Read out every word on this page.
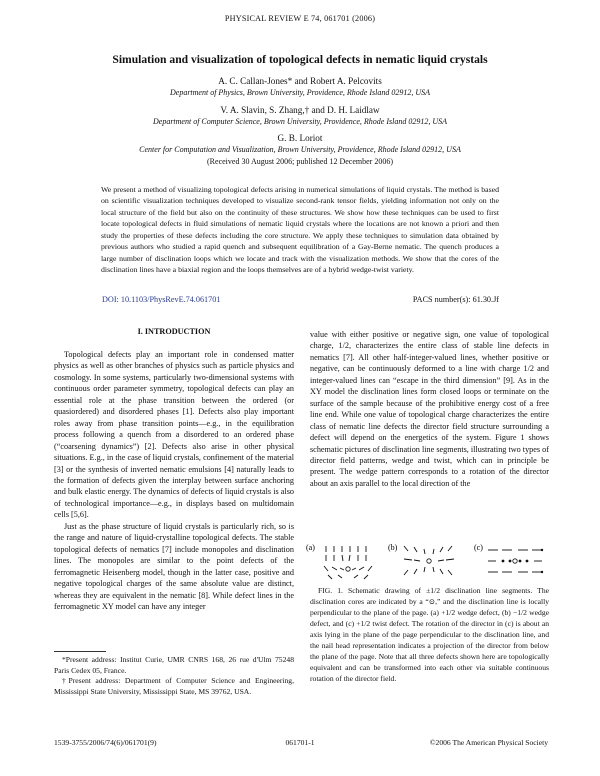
PHYSICAL REVIEW E 74, 061701 (2006)
Simulation and visualization of topological defects in nematic liquid crystals
A. C. Callan-Jones* and Robert A. Pelcovits
Department of Physics, Brown University, Providence, Rhode Island 02912, USA
V. A. Slavin, S. Zhang,† and D. H. Laidlaw
Department of Computer Science, Brown University, Providence, Rhode Island 02912, USA
G. B. Loriot
Center for Computation and Visualization, Brown University, Providence, Rhode Island 02912, USA
(Received 30 August 2006; published 12 December 2006)
We present a method of visualizing topological defects arising in numerical simulations of liquid crystals. The method is based on scientific visualization techniques developed to visualize second-rank tensor fields, yielding information not only on the local structure of the field but also on the continuity of these structures. We show how these techniques can be used to first locate topological defects in fluid simulations of nematic liquid crystals where the locations are not known a priori and then study the properties of these defects including the core structure. We apply these techniques to simulation data obtained by previous authors who studied a rapid quench and subsequent equilibration of a Gay-Berne nematic. The quench produces a large number of disclination loops which we locate and track with the visualization methods. We show that the cores of the disclination lines have a biaxial region and the loops themselves are of a hybrid wedge-twist variety.
DOI: 10.1103/PhysRevE.74.061701	PACS number(s): 61.30.Jf
I. INTRODUCTION

Topological defects play an important role in condensed matter physics as well as other branches of physics such as particle physics and cosmology. In some systems, particularly two-dimensional systems with continuous order parameter symmetry, topological defects can play an essential role at the phase transition between the ordered (or quasiordered) and disordered phases [1]. Defects also play important roles away from phase transition points—e.g., in the equilibration process following a quench from a disordered to an ordered phase (“coarsening dynamics”) [2]. Defects also arise in other physical situations. E.g., in the case of liquid crystals, confinement of the material [3] or the synthesis of inverted nematic emulsions [4] naturally leads to the formation of defects given the interplay between surface anchoring and bulk elastic energy. The dynamics of defects of liquid crystals is also of technological importance—e.g., in displays based on multidomain cells [5,6].

Just as the phase structure of liquid crystals is particularly rich, so is the range and nature of liquid-crystalline topological defects. The stable topological defects of nematics [7] include monopoles and disclination lines. The monopoles are similar to the point defects of the ferromagnetic Heisenberg model, though in the latter case, positive and negative topological charges of the same absolute value are distinct, whereas they are equivalent in the nematic [8]. While defect lines in the ferromagnetic XY model can have any integer

*Present address: Institut Curie, UMR CNRS 168, 26 rue d'Ulm 75248 Paris Cedex 05, France.

†Present address: Department of Computer Science and Engineering, Mississippi State University, Mississippi State, MS 39762, USA.

value with either positive or negative sign, one value of topological charge, 1/2, characterizes the entire class of stable line defects in nematics [7]. All other half-integer-valued lines, whether positive or negative, can be continuously deformed to a line with charge 1/2 and integer-valued lines can “escape in the third dimension” [9]. As in the XY model the disclination lines form closed loops or terminate on the surface of the sample because of the prohibitive energy cost of a free line end. While one value of topological charge characterizes the entire class of nematic line defects the director field structure surrounding a defect will depend on the energetics of the system. Figure 1 shows schematic pictures of disclination line segments, illustrating two types of director field patterns, wedge and twist, which can in principle be present. The wedge pattern corresponds to a rotation of the director about an axis parallel to the local direction of the

(a)	(b)	(c)

FIG. 1. Schematic drawing of ±1/2 disclination line segments. The disclination cores are indicated by a “⊙,” and the disclination line is locally perpendicular to the plane of the page. (a) +1/2 wedge defect, (b) −1/2 wedge defect, and (c) +1/2 twist defect. The rotation of the director in (c) is about an axis lying in the plane of the page perpendicular to the disclination line, and the nail head representation indicates a projection of the director from below the plane of the page. Note that all three defects shown here are topologically equivalent and can be transformed into each other via suitable continuous rotation of the director field.

1539-3755/2006/74(6)/061701(9)	061701-1	©2006 The American Physical Society
